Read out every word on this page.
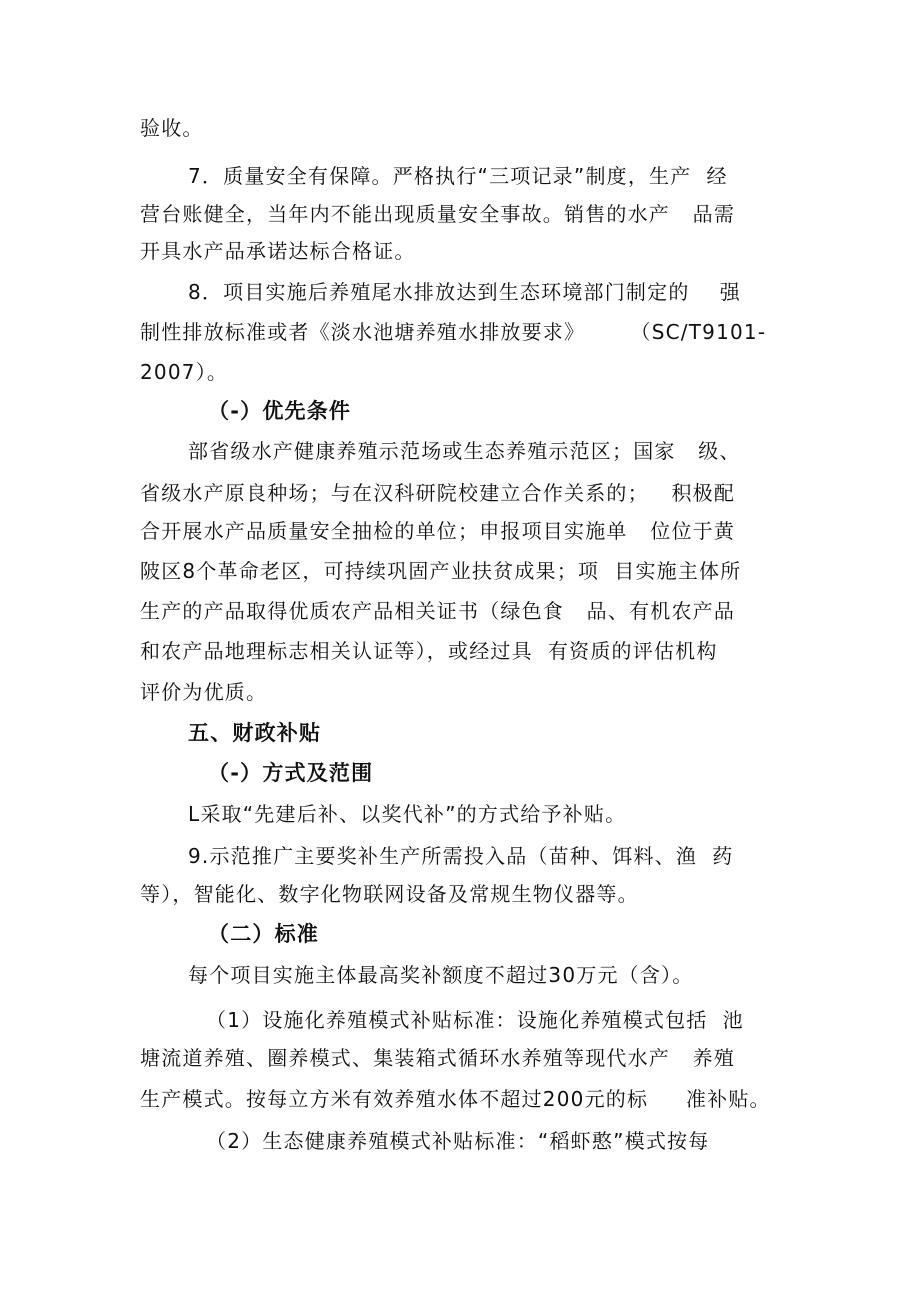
验收。
7．质量安全有保障。严格执行“三项记录”制度，生产  经
营台账健全，当年内不能出现质量安全事故。销售的水产   品需
开具水产品承诺达标合格证。
8．项目实施后养殖尾水排放达到生态环境部门制定的    强
制性排放标准或者《淡水池塘养殖水排放要求》      （SC/T9101-
2007）。
（-）优先条件
部省级水产健康养殖示范场或生态养殖示范区；国家   级、
省级水产原良种场；与在汉科研院校建立合作关系的；   积极配
合开展水产品质量安全抽检的单位；申报项目实施单   位位于黄
陂区8个革命老区，可持续巩固产业扶贫成果；项  目实施主体所
生产的产品取得优质农产品相关证书（绿色食   品、有机农产品
和农产品地理标志相关认证等），或经过具  有资质的评估机构
评价为优质。
五、财政补贴
（-）方式及范围
L采取“先建后补、以奖代补”的方式给予补贴。
9.示范推广主要奖补生产所需投入品（苗种、饵料、渔  药
等），智能化、数字化物联网设备及常规生物仪器等。
（二）标准
每个项目实施主体最高奖补额度不超过30万元（含）。
（1）设施化养殖模式补贴标准：设施化养殖模式包括  池
塘流道养殖、圈养模式、集装箱式循环水养殖等现代水产   养殖
生产模式。按每立方米有效养殖水体不超过200元的标     准补贴。
（2）生态健康养殖模式补贴标准：“稻虾憨”模式按每
